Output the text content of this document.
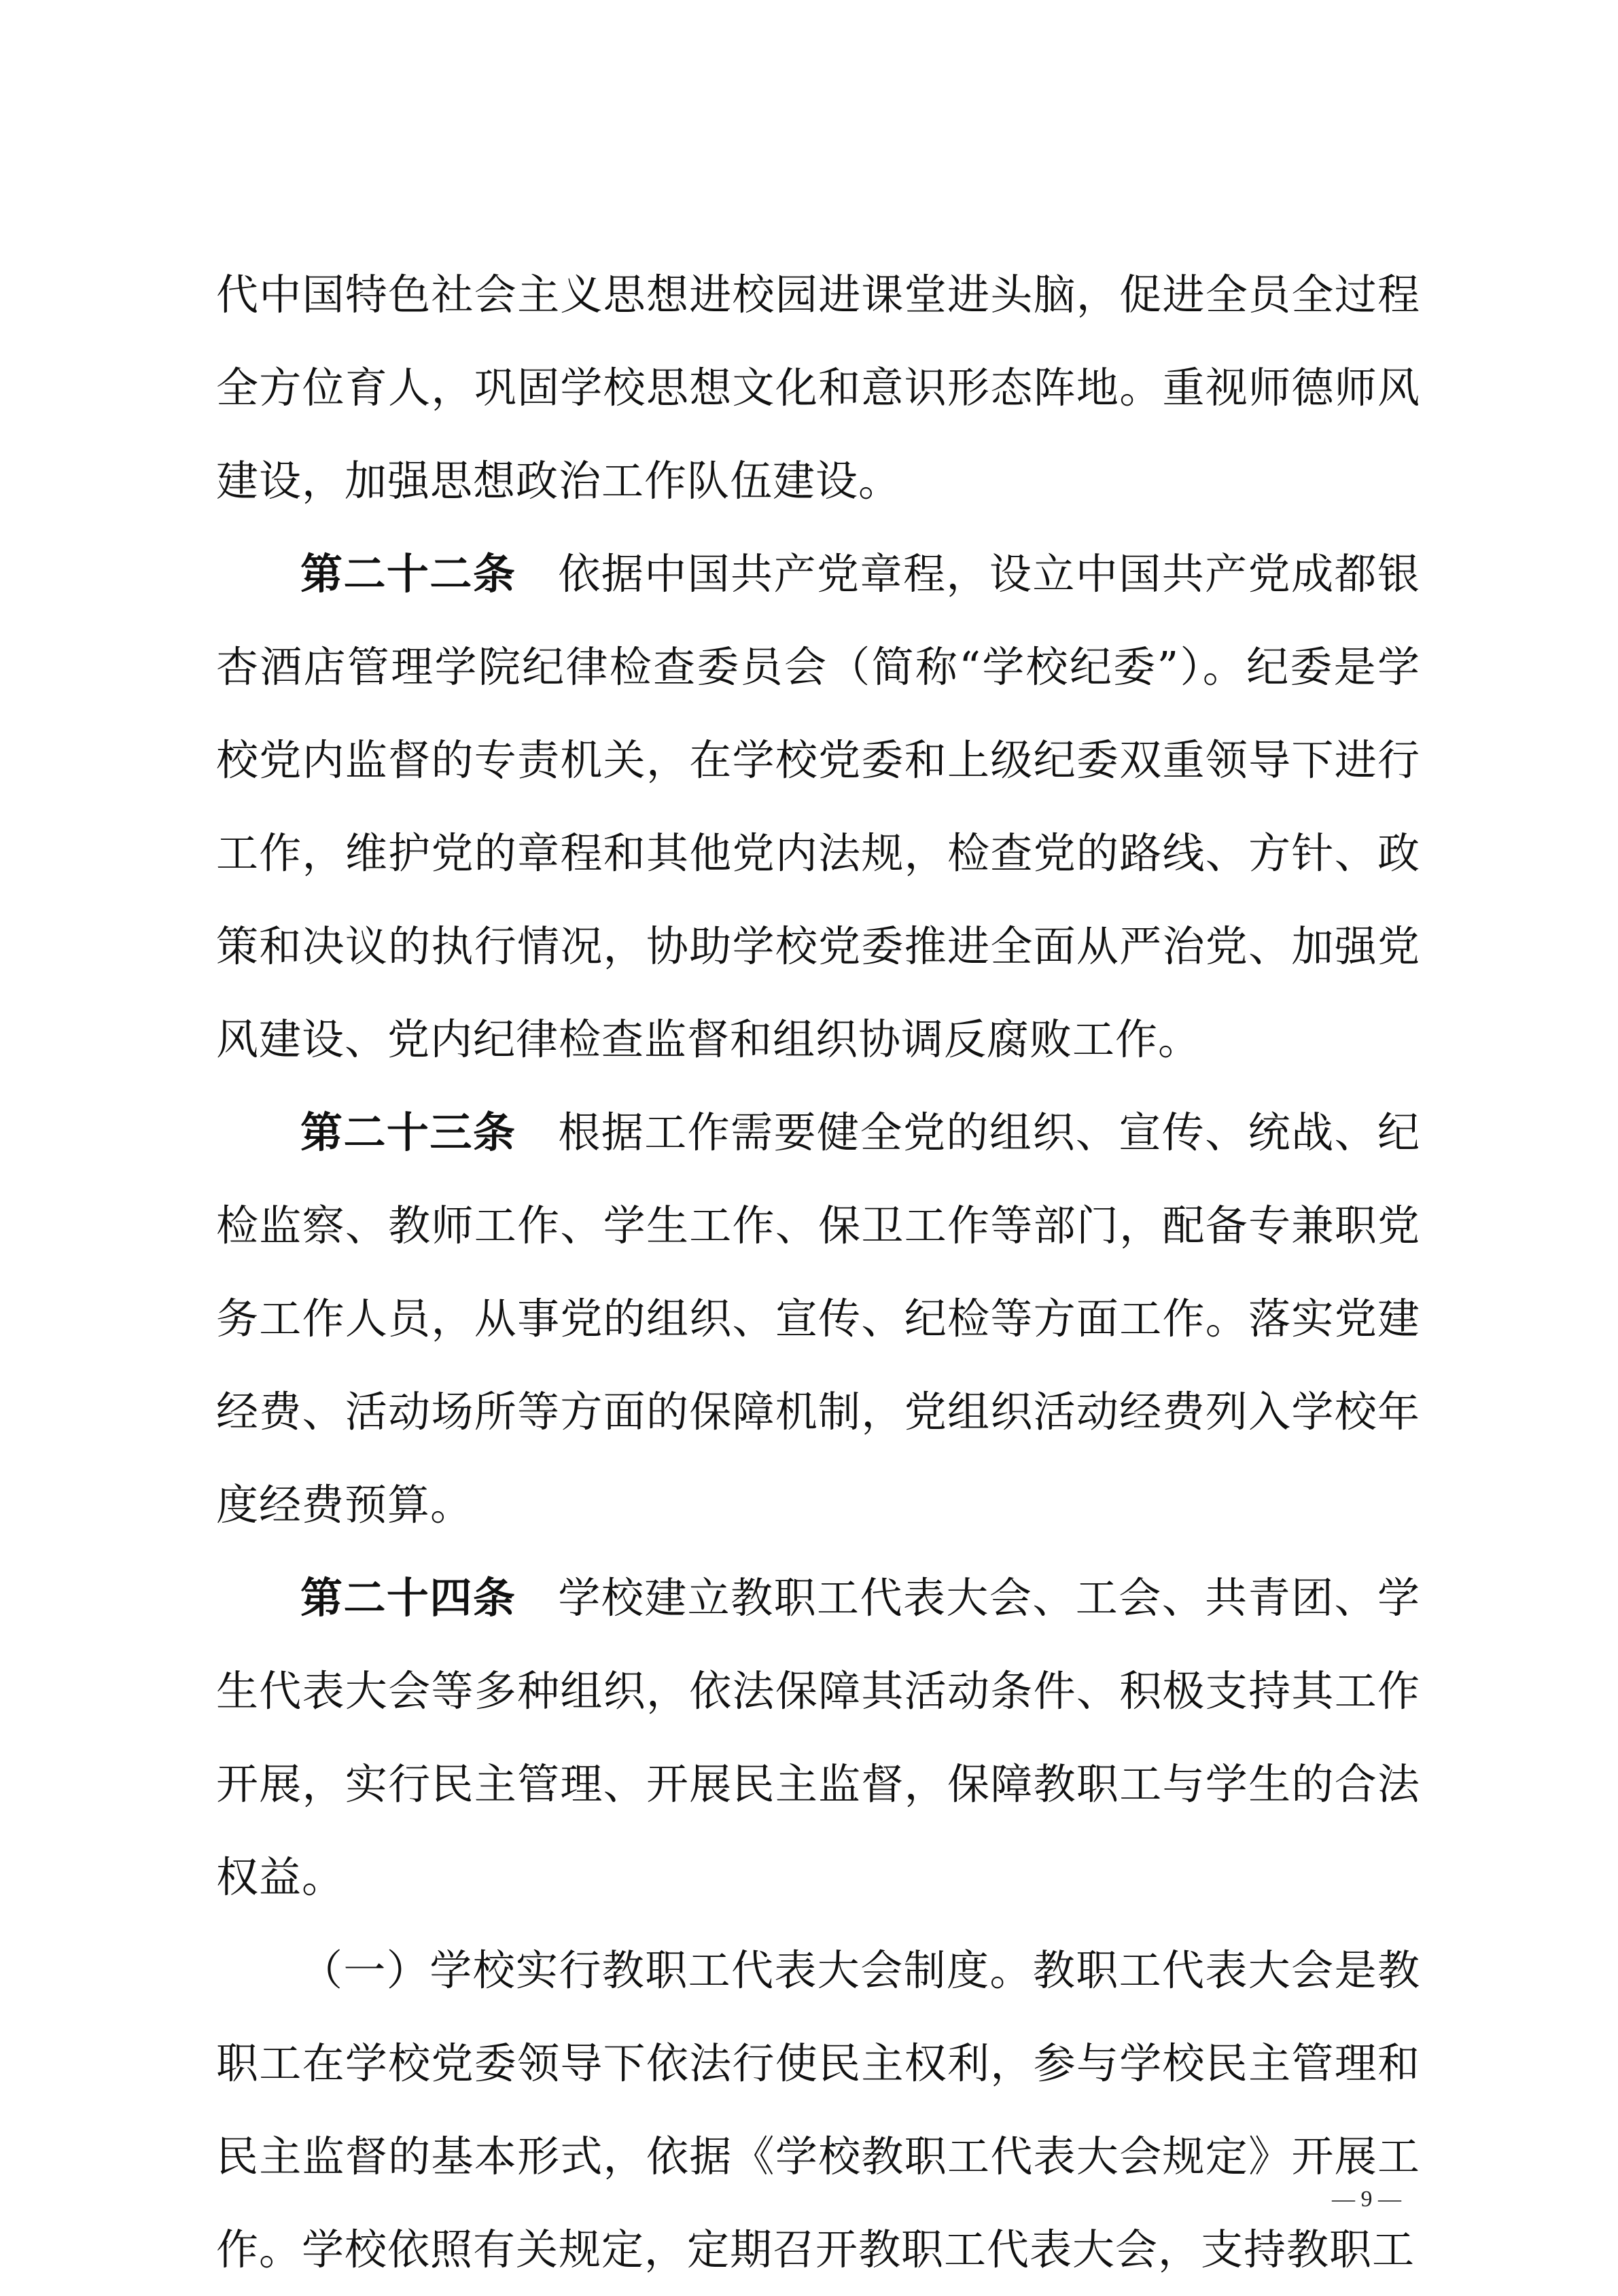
代中国特色社会主义思想进校园进课堂进头脑，促进全员全过程全方位育人，巩固学校思想文化和意识形态阵地。重视师德师风建设，加强思想政治工作队伍建设。

第二十二条 依据中国共产党章程，设立中国共产党成都银杏酒店管理学院纪律检查委员会（简称“学校纪委”）。纪委是学校党内监督的专责机关，在学校党委和上级纪委双重领导下进行工作，维护党的章程和其他党内法规，检查党的路线、方针、政策和决议的执行情况，协助学校党委推进全面从严治党、加强党风建设、党内纪律检查监督和组织协调反腐败工作。

第二十三条 根据工作需要健全党的组织、宣传、统战、纪检监察、教师工作、学生工作、保卫工作等部门，配备专兼职党务工作人员，从事党的组织、宣传、纪检等方面工作。落实党建经费、活动场所等方面的保障机制，党组织活动经费列入学校年度经费预算。

第二十四条 学校建立教职工代表大会、工会、共青团、学生代表大会等多种组织，依法保障其活动条件、积极支持其工作开展，实行民主管理、开展民主监督，保障教职工与学生的合法权益。

（一）学校实行教职工代表大会制度。教职工代表大会是教职工在学校党委领导下依法行使民主权利，参与学校民主管理和民主监督的基本形式，依据《学校教职工代表大会规定》开展工作。学校依照有关规定，定期召开教职工代表大会，支持教职工

— 9 —
